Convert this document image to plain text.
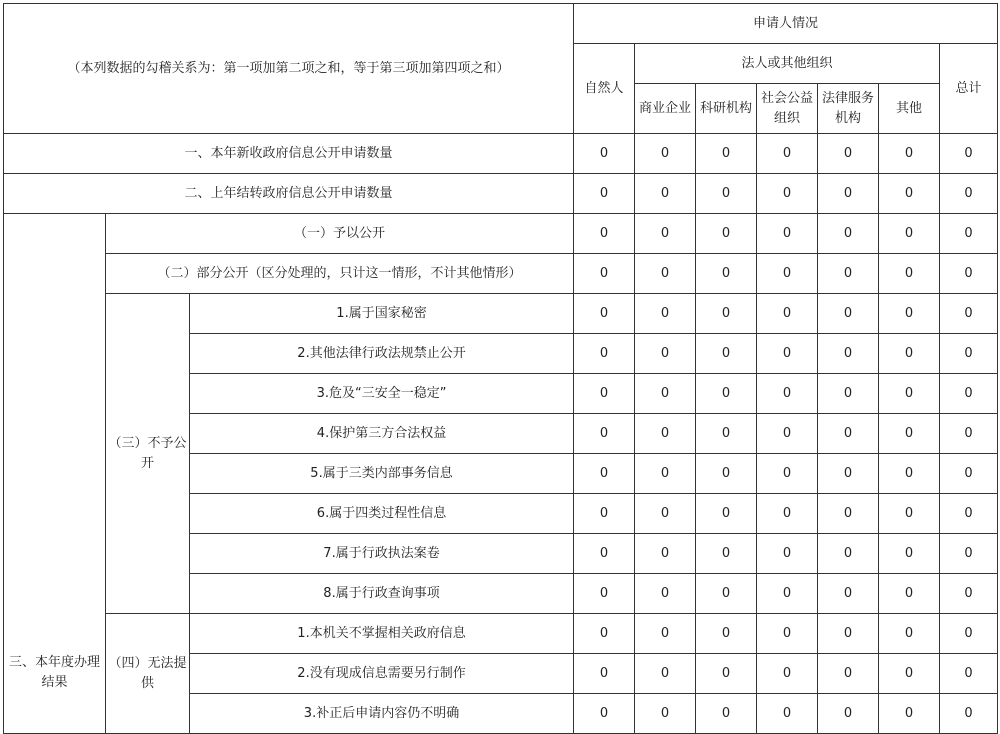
（本列数据的勾稽关系为：第一项加第二项之和，等于第三项加第四项之和）			申请人情况						
			自然人	法人或其他组织					总计
				商业企业	科研机构	社会公益组织	法律服务机构	其他	
一、本年新收政府信息公开申请数量			0	0	0	0	0	0	0
二、上年结转政府信息公开申请数量			0	0	0	0	0	0	0
三、本年度办理结果	（一）予以公开		0	0	0	0	0	0	0
	（二）部分公开（区分处理的，只计这一情形，不计其他情形）		0	0	0	0	0	0	0
	（三）不予公开	1.属于国家秘密	0	0	0	0	0	0	0
		2.其他法律行政法规禁止公开	0	0	0	0	0	0	0
		3.危及“三安全一稳定”	0	0	0	0	0	0	0
		4.保护第三方合法权益	0	0	0	0	0	0	0
		5.属于三类内部事务信息	0	0	0	0	0	0	0
		6.属于四类过程性信息	0	0	0	0	0	0	0
		7.属于行政执法案卷	0	0	0	0	0	0	0
		8.属于行政查询事项	0	0	0	0	0	0	0
	（四）无法提供	1.本机关不掌握相关政府信息	0	0	0	0	0	0	0
		2.没有现成信息需要另行制作	0	0	0	0	0	0	0
		3.补正后申请内容仍不明确	0	0	0	0	0	0	0
